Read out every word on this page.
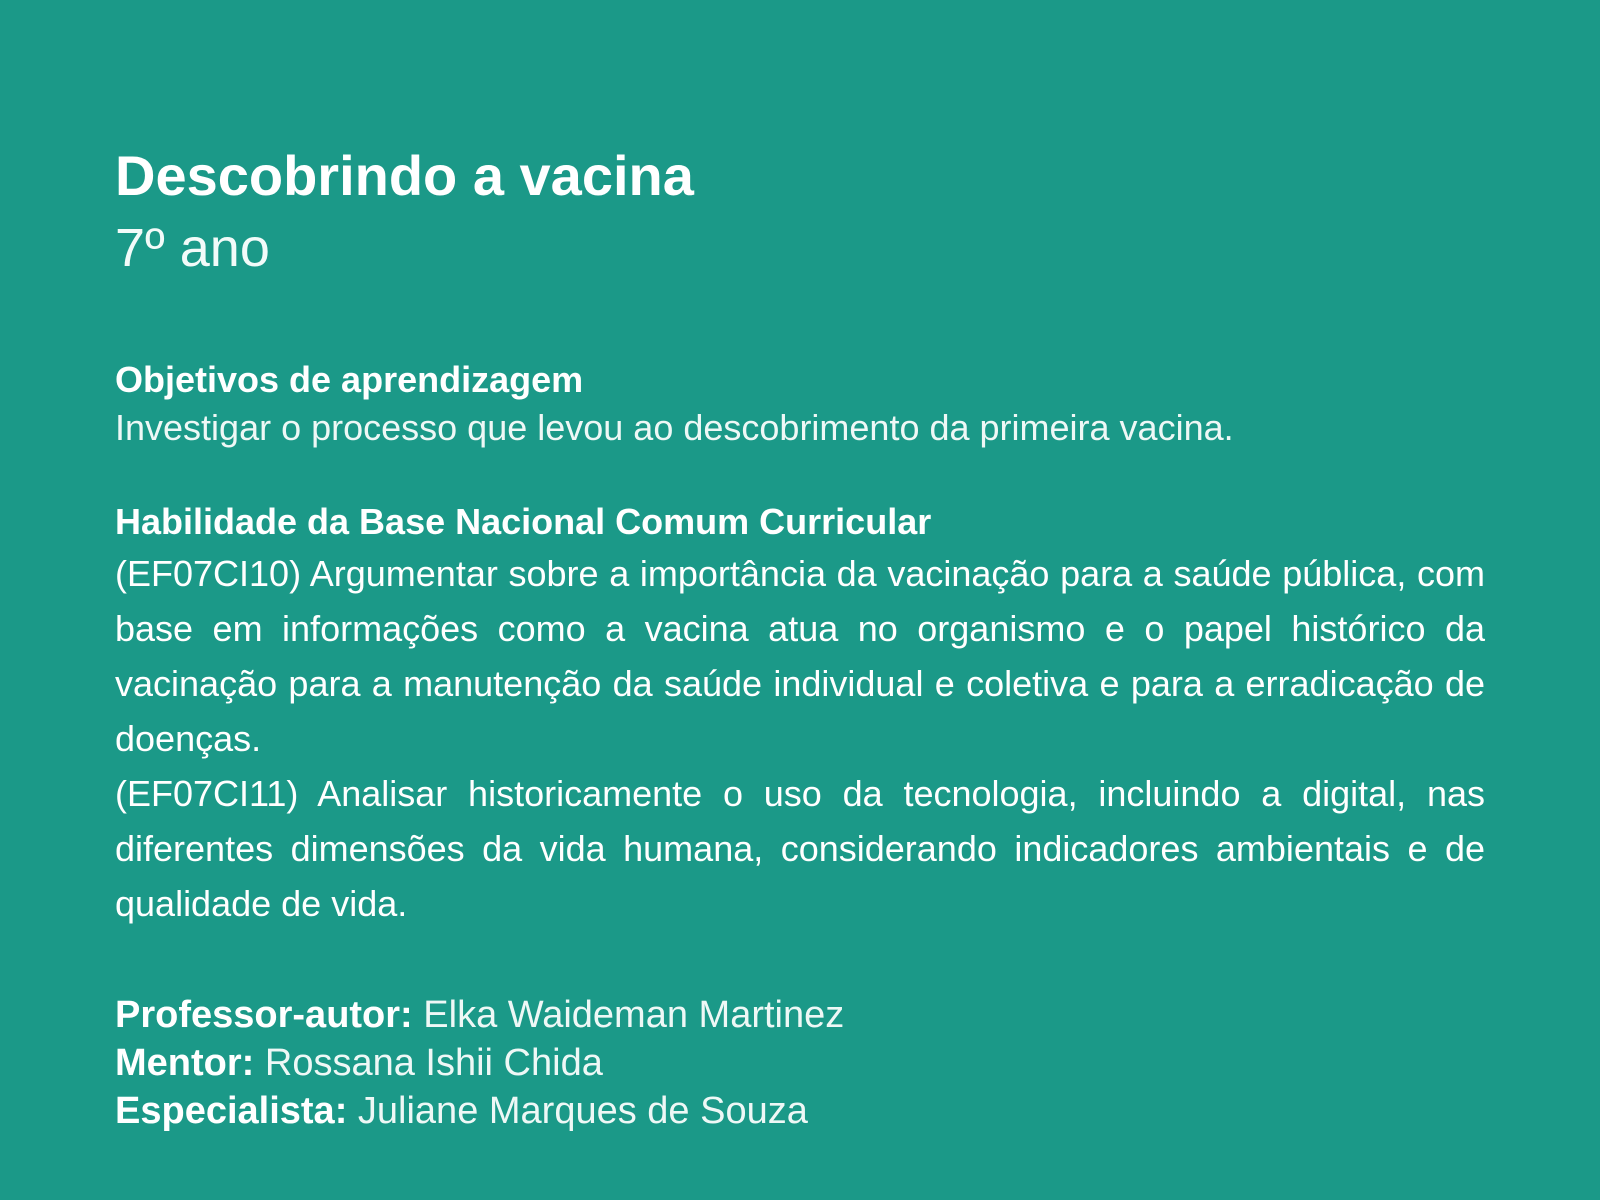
Descobrindo a vacina

7º ano

Objetivos de aprendizagem

Investigar o processo que levou ao descobrimento da primeira vacina.

Habilidade da Base Nacional Comum Curricular

(EF07CI10) Argumentar sobre a importância da vacinação para a saúde pública, com base em informações como a vacina atua no organismo e o papel histórico da vacinação para a manutenção da saúde individual e coletiva e para a erradicação de doenças.

(EF07CI11) Analisar historicamente o uso da tecnologia, incluindo a digital, nas diferentes dimensões da vida humana, considerando indicadores ambientais e de qualidade de vida.

Professor-autor: Elka Waideman Martinez

Mentor: Rossana Ishii Chida

Especialista: Juliane Marques de Souza
